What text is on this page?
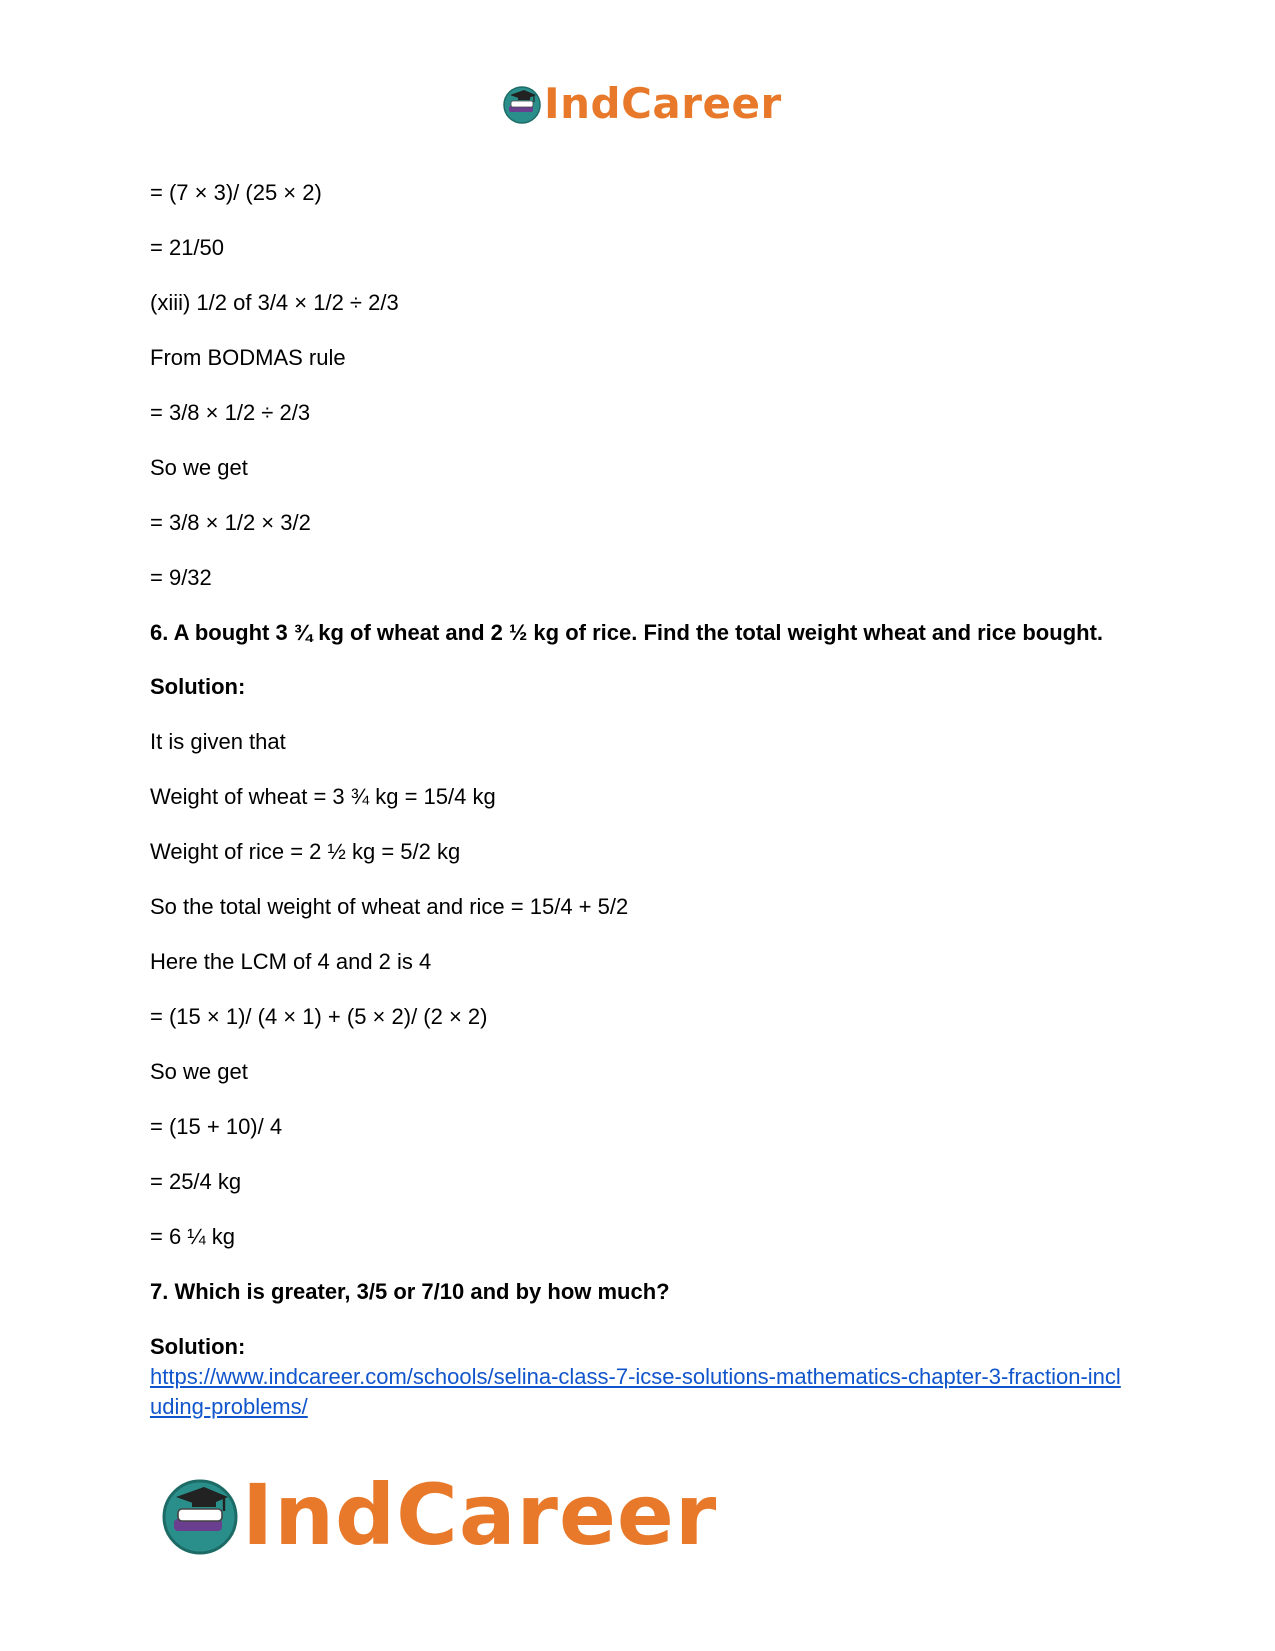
IndCareer

= (7 × 3)/ (25 × 2)

= 21/50

(xiii) 1/2 of 3/4 × 1/2 ÷ 2/3

From BODMAS rule

= 3/8 × 1/2 ÷ 2/3

So we get

= 3/8 × 1/2 × 3/2

= 9/32

6. A bought 3 ¾ kg of wheat and 2 ½ kg of rice. Find the total weight wheat and rice bought.

Solution:

It is given that

Weight of wheat = 3 ¾ kg = 15/4 kg

Weight of rice = 2 ½ kg = 5/2 kg

So the total weight of wheat and rice = 15/4 + 5/2

Here the LCM of 4 and 2 is 4

= (15 × 1)/ (4 × 1) + (5 × 2)/ (2 × 2)

So we get

= (15 + 10)/ 4

= 25/4 kg

= 6 ¼ kg

7. Which is greater, 3/5 or 7/10 and by how much?

Solution:

https://www.indcareer.com/schools/selina-class-7-icse-solutions-mathematics-chapter-3-fraction-including-problems/
IndCareer
